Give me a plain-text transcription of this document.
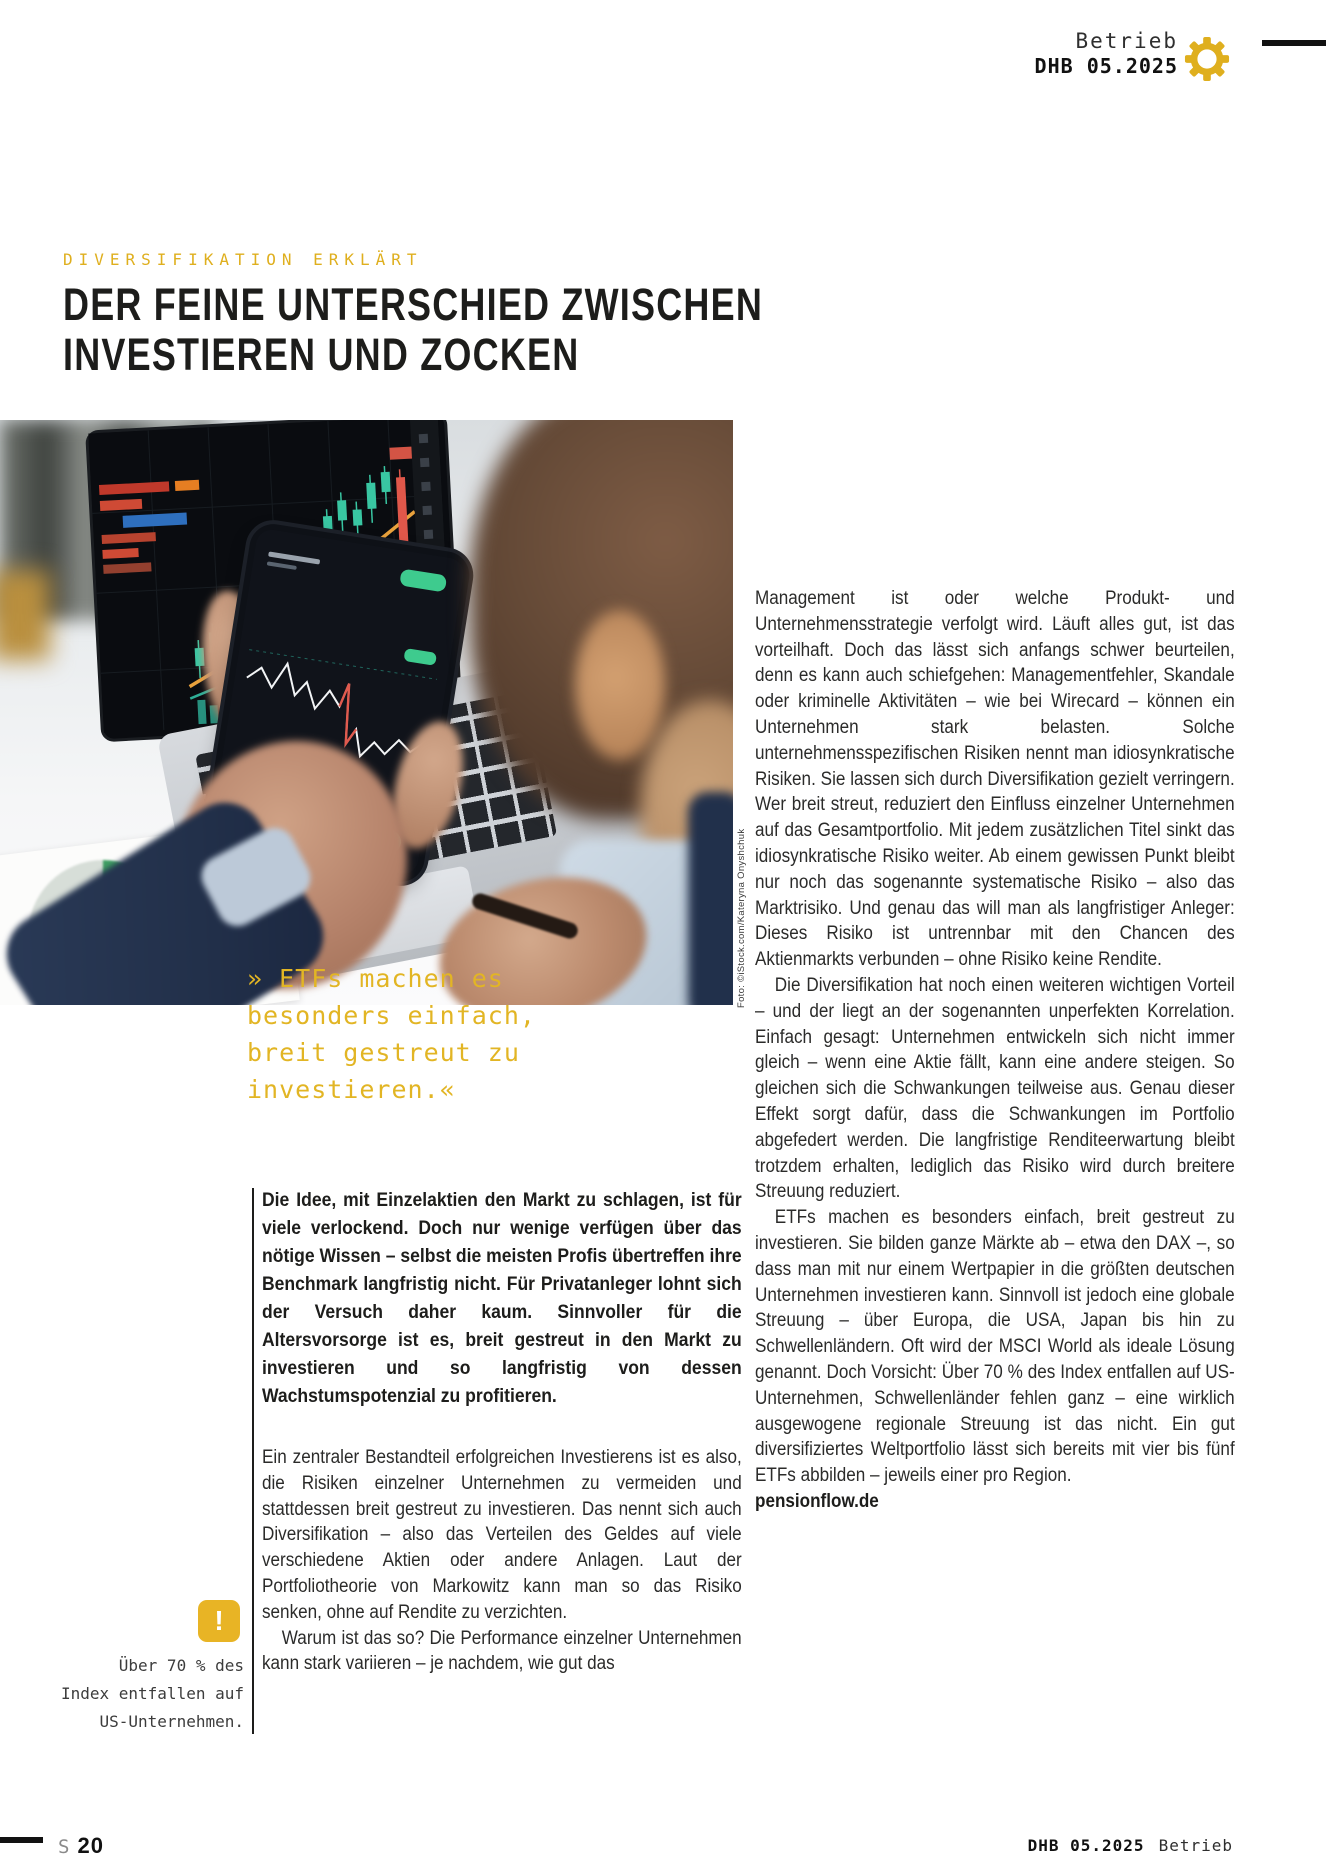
Betrieb
DHB 05.2025
DIVERSIFIKATION ERKLÄRT
DER FEINE UNTERSCHIED ZWISCHEN
INVESTIEREN UND ZOCKEN
Foto: ©iStock.com/Kateryna Onyshchuk
» ETFs machen es
besonders einfach,
breit gestreut zu
investieren.«
Die Idee, mit Einzelaktien den Markt zu schlagen, ist für viele verlockend. Doch nur wenige verfügen über das nötige Wissen – selbst die meisten Profis übertreffen ihre Benchmark langfristig nicht. Für Privatanleger lohnt sich der Versuch daher kaum. Sinnvoller für die Altersvorsorge ist es, breit gestreut in den Markt zu investieren und so langfristig von dessen Wachstumspotenzial zu profitieren.

Ein zentraler Bestandteil erfolgreichen Investierens ist es also, die Risiken einzelner Unternehmen zu vermeiden und stattdessen breit gestreut zu investieren. Das nennt sich auch Diversifikation – also das Verteilen des Geldes auf viele verschiedene Aktien oder andere Anlagen. Laut der Portfoliotheorie von Markowitz kann man so das Risiko senken, ohne auf Rendite zu verzichten.

Warum ist das so? Die Performance einzelner Unternehmen kann stark variieren – je nachdem, wie gut das

Management ist oder welche Produkt- und Unternehmensstrategie verfolgt wird. Läuft alles gut, ist das vorteilhaft. Doch das lässt sich anfangs schwer beurteilen, denn es kann auch schiefgehen: Managementfehler, Skandale oder kriminelle Aktivitäten – wie bei Wirecard – können ein Unternehmen stark belasten. Solche unternehmensspezifischen Risiken nennt man idiosynkratische Risiken. Sie lassen sich durch Diversifikation gezielt verringern. Wer breit streut, reduziert den Einfluss einzelner Unternehmen auf das Gesamtportfolio. Mit jedem zusätzlichen Titel sinkt das idiosynkratische Risiko weiter. Ab einem gewissen Punkt bleibt nur noch das sogenannte systematische Risiko – also das Marktrisiko. Und genau das will man als langfristiger Anleger: Dieses Risiko ist untrennbar mit den Chancen des Aktienmarkts verbunden – ohne Risiko keine Rendite.

Die Diversifikation hat noch einen weiteren wichtigen Vorteil – und der liegt an der sogenannten unperfekten Korrelation. Einfach gesagt: Unternehmen entwickeln sich nicht immer gleich – wenn eine Aktie fällt, kann eine andere steigen. So gleichen sich die Schwankungen teilweise aus. Genau dieser Effekt sorgt dafür, dass die Schwankungen im Portfolio abgefedert werden. Die langfristige Renditeerwartung bleibt trotzdem erhalten, lediglich das Risiko wird durch breitere Streuung reduziert.

ETFs machen es besonders einfach, breit gestreut zu investieren. Sie bilden ganze Märkte ab – etwa den DAX –, so dass man mit nur einem Wertpapier in die größten deutschen Unternehmen investieren kann. Sinnvoll ist jedoch eine globale Streuung – über Europa, die USA, Japan bis hin zu Schwellenländern. Oft wird der MSCI World als ideale Lösung genannt. Doch Vorsicht: Über 70 % des Index entfallen auf US-Unternehmen, Schwellenländer fehlen ganz – eine wirklich ausgewogene regionale Streuung ist das nicht. Ein gut diversifiziertes Weltportfolio lässt sich bereits mit vier bis fünf ETFs abbilden – jeweils einer pro Region.

pensionflow.de

!
Über 70 % des
Index entfallen auf
US-Unternehmen.
S 20	DHB 05.2025 Betrieb
